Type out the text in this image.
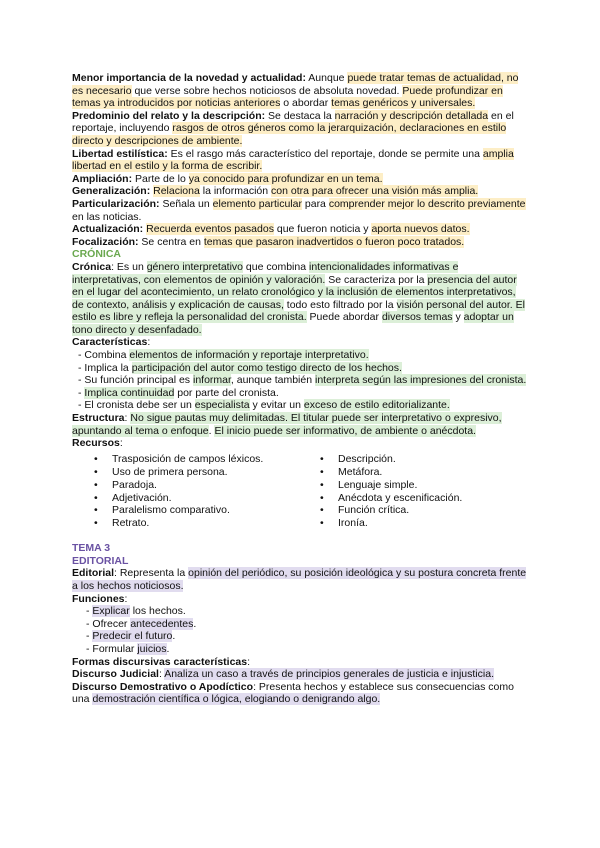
Menor importancia de la novedad y actualidad: Aunque puede tratar temas de actualidad, no es necesario que verse sobre hechos noticiosos de absoluta novedad. Puede profundizar en temas ya introducidos por noticias anteriores o abordar temas genéricos y universales.

Predominio del relato y la descripción: Se destaca la narración y descripción detallada en el reportaje, incluyendo rasgos de otros géneros como la jerarquización, declaraciones en estilo directo y descripciones de ambiente.

Libertad estilística: Es el rasgo más característico del reportaje, donde se permite una amplia libertad en el estilo y la forma de escribir.

Ampliación: Parte de lo ya conocido para profundizar en un tema.

Generalización: Relaciona la información con otra para ofrecer una visión más amplia.

Particularización: Señala un elemento particular para comprender mejor lo descrito previamente en las noticias.

Actualización: Recuerda eventos pasados que fueron noticia y aporta nuevos datos.

Focalización: Se centra en temas que pasaron inadvertidos o fueron poco tratados.

CRÓNICA

Crónica: Es un género interpretativo que combina intencionalidades informativas e interpretativas, con elementos de opinión y valoración. Se caracteriza por la presencia del autor en el lugar del acontecimiento, un relato cronológico y la inclusión de elementos interpretativos, de contexto, análisis y explicación de causas, todo esto filtrado por la visión personal del autor. El estilo es libre y refleja la personalidad del cronista. Puede abordar diversos temas y adoptar un tono directo y desenfadado.

Características:

- Combina elementos de información y reportaje interpretativo.

- Implica la participación del autor como testigo directo de los hechos.

- Su función principal es informar, aunque también interpreta según las impresiones del cronista.

- Implica continuidad por parte del cronista.

- El cronista debe ser un especialista y evitar un exceso de estilo editorializante.

Estructura: No sigue pautas muy delimitadas. El titular puede ser interpretativo o expresivo, apuntando al tema o enfoque. El inicio puede ser informativo, de ambiente o anécdota.

Recursos:

• Trasposición de campos léxicos.
• Uso de primera persona.
• Paradoja.
• Adjetivación.
• Paralelismo comparativo.
• Retrato.
• Descripción.
• Metáfora.
• Lenguaje simple.
• Anécdota y escenificación.
• Función crítica.
• Ironía.

TEMA 3

EDITORIAL

Editorial: Representa la opinión del periódico, su posición ideológica y su postura concreta frente a los hechos noticiosos.

Funciones:

- Explicar los hechos.

- Ofrecer antecedentes.

- Predecir el futuro.

- Formular juicios.

Formas discursivas características:

Discurso Judicial: Analiza un caso a través de principios generales de justicia e injusticia.

Discurso Demostrativo o Apodíctico: Presenta hechos y establece sus consecuencias como una demostración científica o lógica, elogiando o denigrando algo.
